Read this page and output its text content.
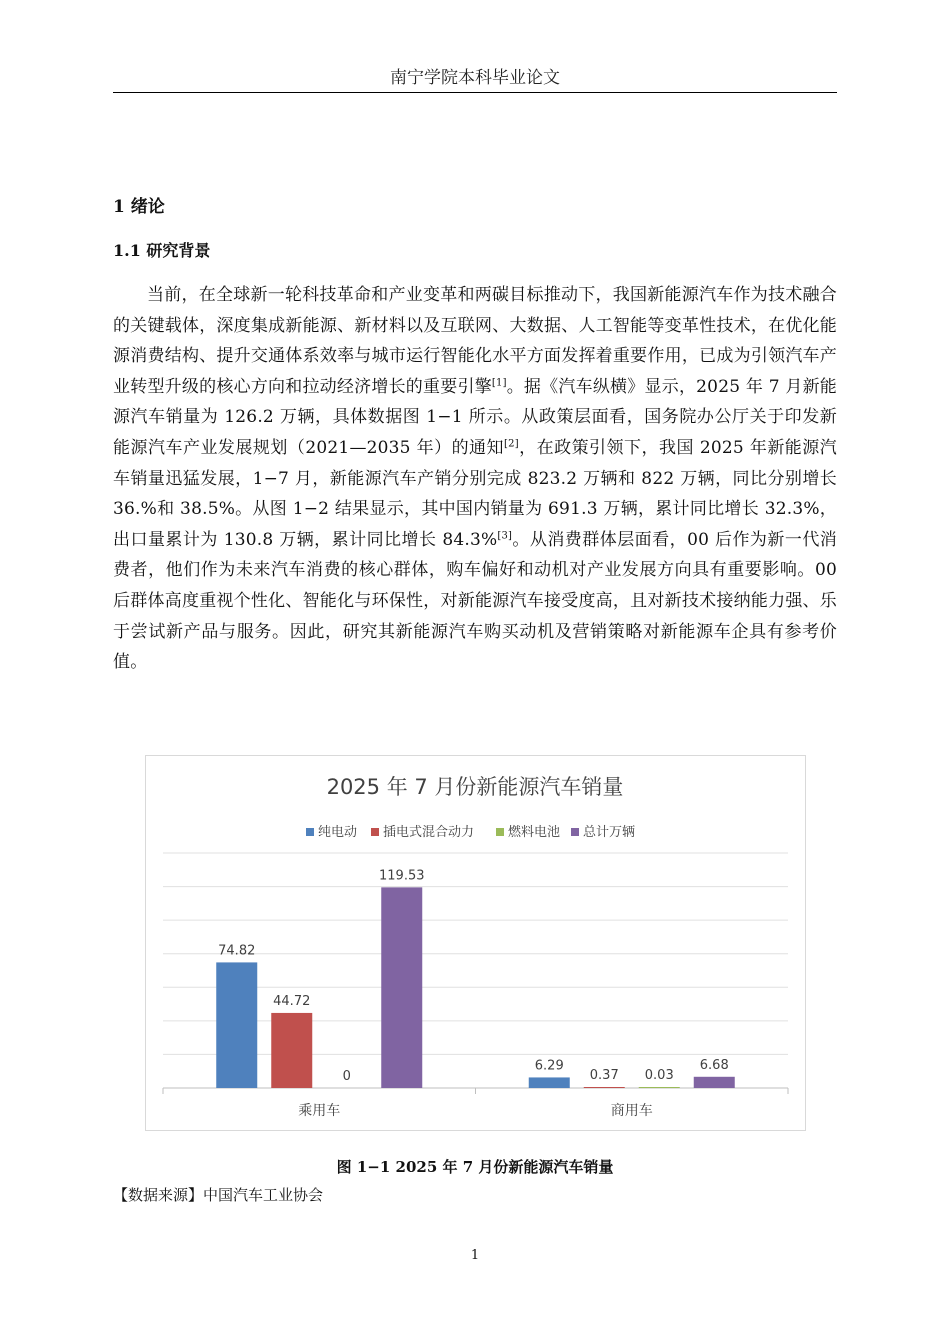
南宁学院本科毕业论文
1 绪论
1.1 研究背景

当前，在全球新一轮科技革命和产业变革和两碳目标推动下，我国新能源汽车作为技术融合的关键载体，深度集成新能源、新材料以及互联网、大数据、人工智能等变革性技术，在优化能源消费结构、提升交通体系效率与城市运行智能化水平方面发挥着重要作用，已成为引领汽车产业转型升级的核心方向和拉动经济增长的重要引擎[1]。据《汽车纵横》显示，2025 年 7 月新能源汽车销量为 126.2 万辆，具体数据图 1−1 所示。从政策层面看，国务院办公厅关于印发新能源汽车产业发展规划（2021—2035 年）的通知[2]，在政策引领下，我国 2025 年新能源汽车销量迅猛发展，1−7 月，新能源汽车产销分别完成 823.2 万辆和 822 万辆，同比分别增长 36.%和 38.5%。从图 1−2 结果显示，其中国内销量为 691.3 万辆，累计同比增长 32.3%，出口量累计为 130.8 万辆，累计同比增长 84.3%[3]。从消费群体层面看，00 后作为新一代消费者，他们作为未来汽车消费的核心群体，购车偏好和动机对产业发展方向具有重要影响。00 后群体高度重视个性化、智能化与环保性，对新能源汽车接受度高，且对新技术接纳能力强、乐于尝试新产品与服务。因此，研究其新能源汽车购买动机及营销策略对新能源车企具有参考价值。

2025 年 7 月份新能源汽车销量
纯电动 插电式混合动力	燃料电池 总计万辆
74.82
44.72
0
119.53
乘用车
6.29
0.37 0.03
6.68
商用车
图 1−1 2025 年 7 月份新能源汽车销量
【数据来源】中国汽车工业协会
1
